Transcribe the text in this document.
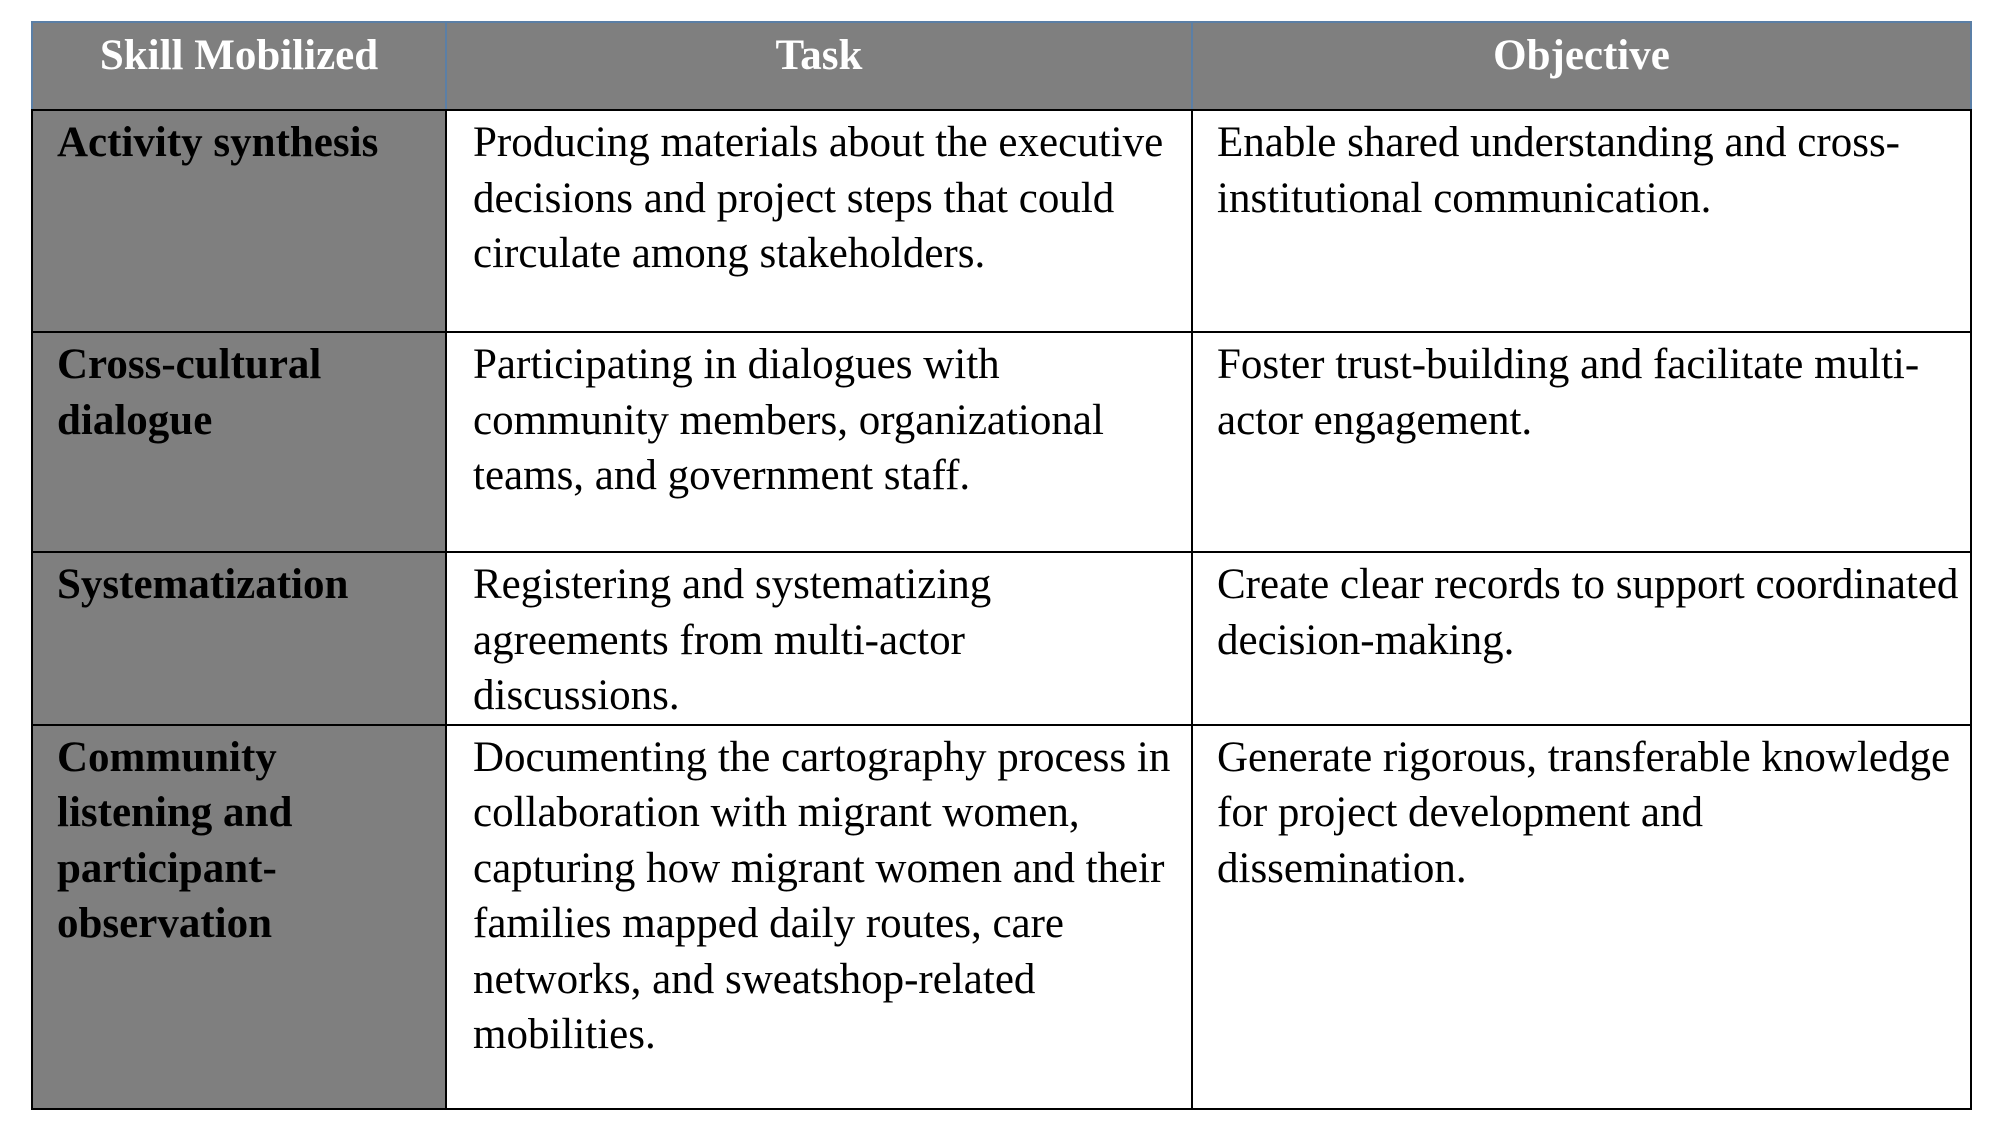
Skill Mobilized	Task	Objective
Activity synthesis	Producing materials about the executive decisions and project steps that could circulate among stakeholders.	Enable shared understanding and cross-institutional communication.
Cross-cultural dialogue	Participating in dialogues with community members, organizational teams, and government staff.	Foster trust-building and facilitate multi-actor engagement.
Systematization	Registering and systematizing agreements from multi-actor discussions.	Create clear records to support coordinated decision-making.
Community listening and participant-observation	Documenting the cartography process in collaboration with migrant women, capturing how migrant women and their families mapped daily routes, care networks, and sweatshop-related mobilities.	Generate rigorous, transferable knowledge for project development and dissemination.
